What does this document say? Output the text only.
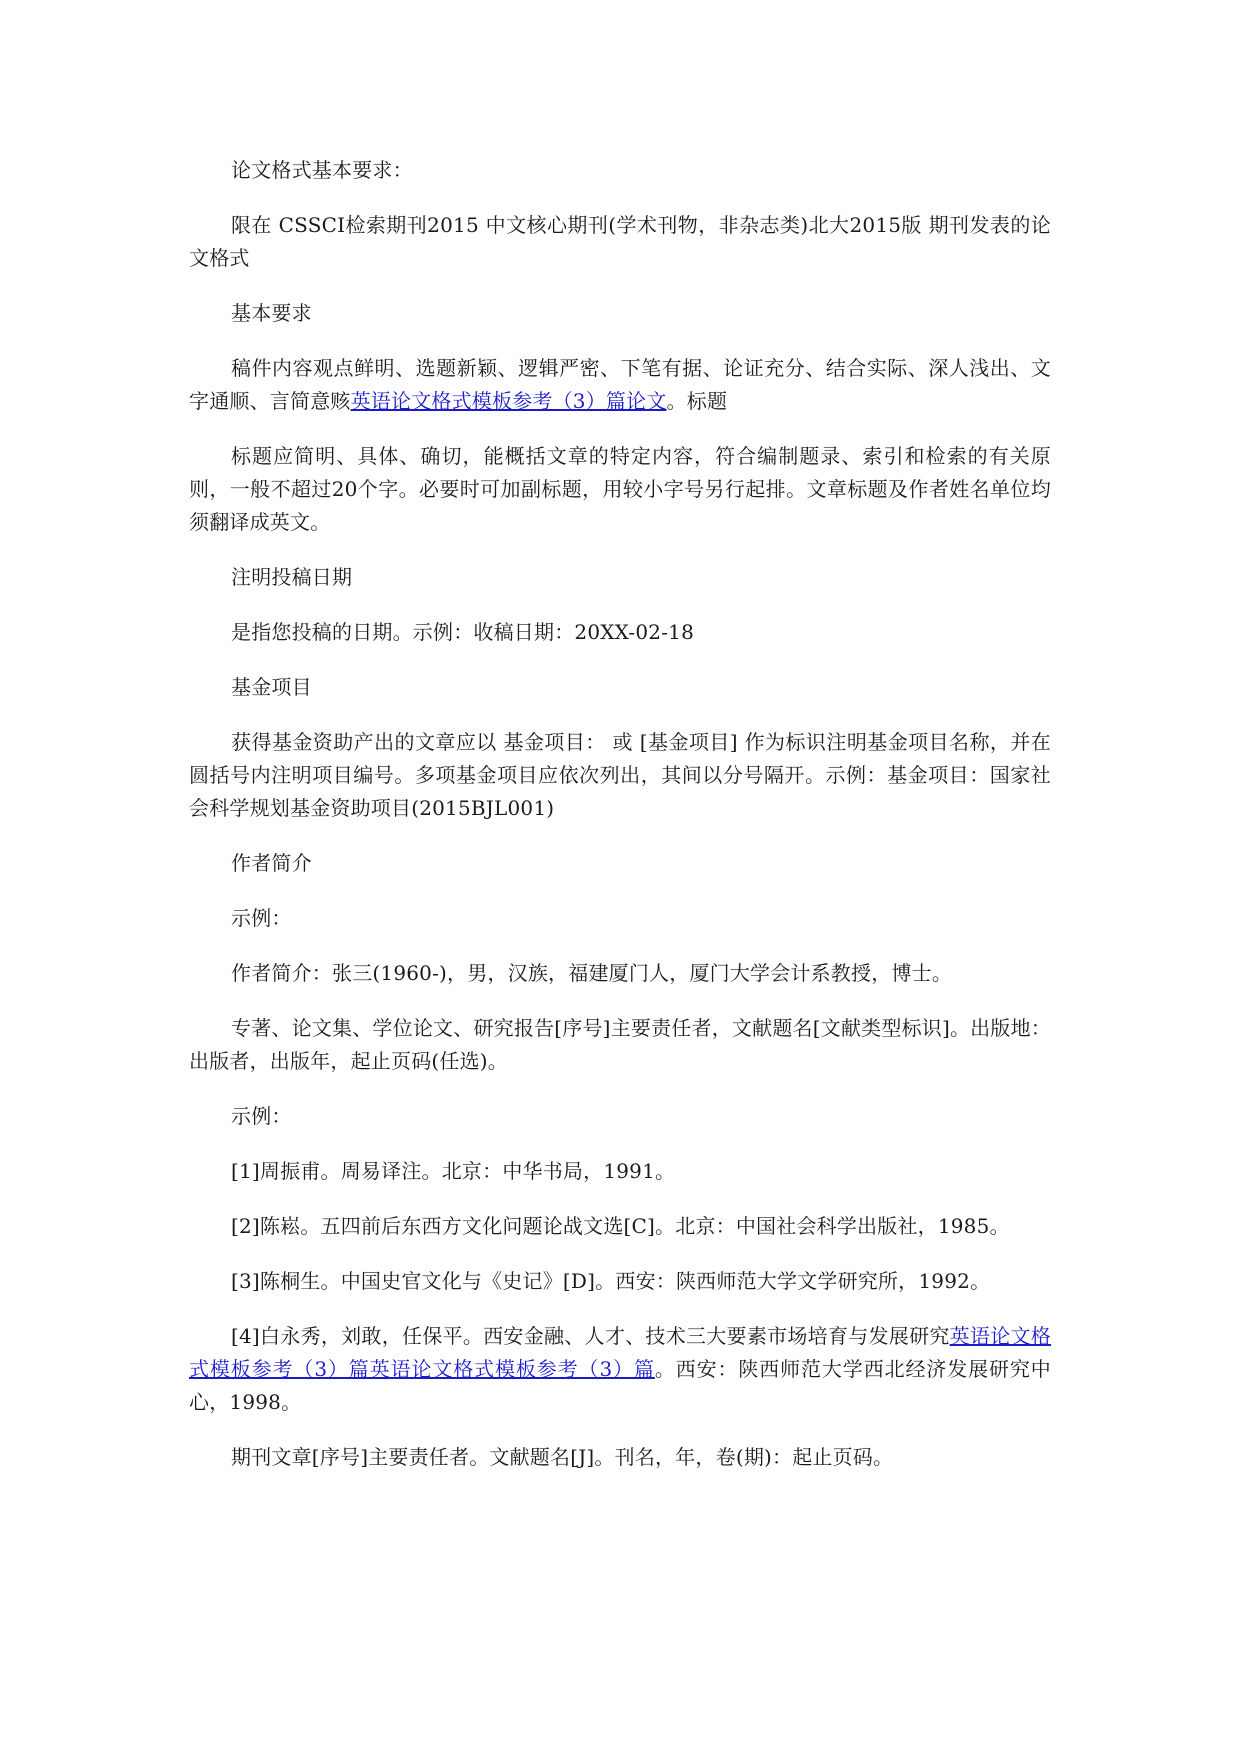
论文格式基本要求：

限在 CSSCI检索期刊2015 中文核心期刊(学术刊物，非杂志类)北大2015版 期刊发表的论文格式

基本要求

稿件内容观点鲜明、选题新颖、逻辑严密、下笔有据、论证充分、结合实际、深人浅出、文字通顺、言简意赅英语论文格式模板参考（3）篇论文。标题

标题应简明、具体、确切，能概括文章的特定内容，符合编制题录、索引和检索的有关原则，一般不超过20个字。必要时可加副标题，用较小字号另行起排。文章标题及作者姓名单位均须翻译成英文。

注明投稿日期

是指您投稿的日期。示例：收稿日期：20XX-02-18

基金项目

获得基金资助产出的文章应以 基金项目： 或 [基金项目] 作为标识注明基金项目名称，并在圆括号内注明项目编号。多项基金项目应依次列出，其间以分号隔开。示例：基金项目：国家社会科学规划基金资助项目(2015BJL001)

作者简介

示例：

作者简介：张三(1960-)，男，汉族，福建厦门人，厦门大学会计系教授，博士。

专著、论文集、学位论文、研究报告[序号]主要责任者，文献题名[文献类型标识]。出版地：出版者，出版年，起止页码(任选)。

示例：

[1]周振甫。周易译注。北京：中华书局，1991。

[2]陈崧。五四前后东西方文化问题论战文选[C]。北京：中国社会科学出版社，1985。

[3]陈桐生。中国史官文化与《史记》[D]。西安：陕西师范大学文学研究所，1992。

[4]白永秀，刘敢，任保平。西安金融、人才、技术三大要素市场培育与发展研究英语论文格式模板参考（3）篇英语论文格式模板参考（3）篇。西安：陕西师范大学西北经济发展研究中心，1998。

期刊文章[序号]主要责任者。文献题名[J]。刊名，年，卷(期)：起止页码。
